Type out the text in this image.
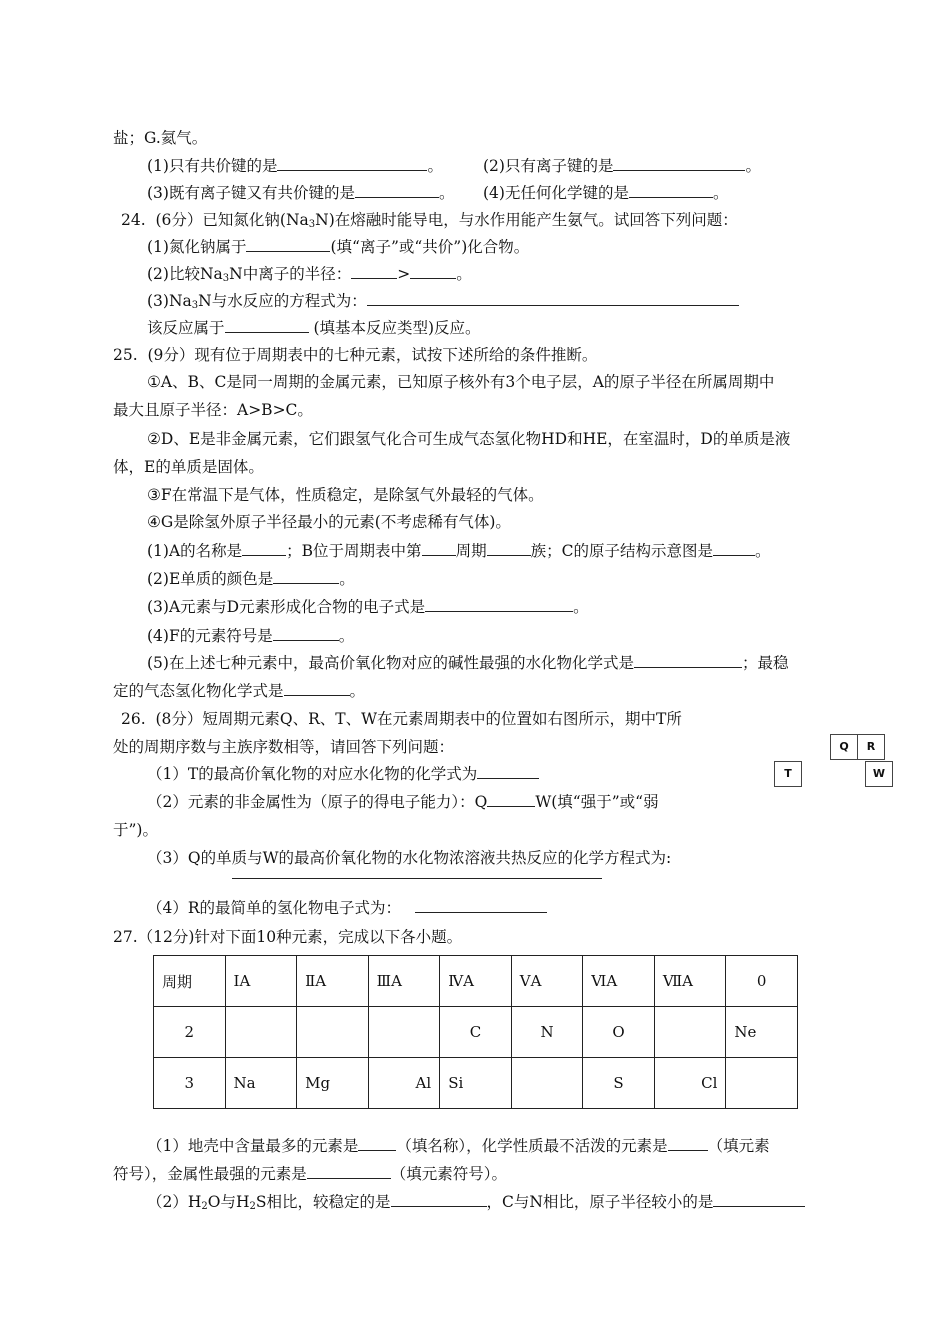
盐；G.氦气。
(1)只有共价键的是	。	(2)只有离子键的是	。
(3)既有离子键又有共价键的是	。 (4)无任何化学键的是	。
24.  (6分）已知氮化钠$(Na_3N)$在熔融时能导电，与水作用能产生氨气。试回答下列问题：
(1)氮化钠属于	(填“离子”或“共价”)化合物。
(2)比较$Na_3N$中离子的半径：	>	。
$(3)Na_3N$与水反应的方程式为：
该反应属于	(填基本反应类型)反应。
25.  (9分）现有位于周期表中的七种元素，试按下述所给的条件推断。
①A、B、C是同一周期的金属元素，已知原子核外有3个电子层，A的原子半径在所属周期中
最大且原子半径：A>B>C。
②D、E是非金属元素，它们跟氢气化合可生成气态氢化物HD和HE，在室温时，D的单质是液
体，E的单质是固体。
③F在常温下是气体，性质稳定，是除氢气外最轻的气体。
④G是除氢外原子半径最小的元素(不考虑稀有气体)。
(1)A的名称是	；B位于周期表中第 周期	族；C的原子结构示意图是	。
(2)E单质的颜色是	。
(3)A元素与D元素形成化合物的电子式是	。
(4)F的元素符号是	。
(5)在上述七种元素中，最高价氧化物对应的碱性最强的水化物化学式是	；最稳
定的气态氢化物化学式是	。
26.  (8分）短周期元素Q、R、T、W在元素周期表中的位置如右图所示，期中T所
处的周期序数与主族序数相等，请回答下列问题：
（1）T的最高价氧化物的对应水化物的化学式为
（2）元素的非金属性为（原子的得电子能力）：Q	W(填“强于”或“弱
于”)。
（3）Q的单质与W的最高价氧化物的水化物浓溶液共热反应的化学方程式为:
（4）R的最简单的氢化物电子式为：
Q	R
T	W
27.（12分)针对下面10种元素，完成以下各小题。
周期	ⅠA	ⅡA	ⅢA	ⅣA	ⅤA	ⅥA	ⅦA	0
2				C	N	O		Ne
3	Na	Mg	Al	Si		S	Cl	
（1）地壳中含量最多的元素是 （填名称），化学性质最不活泼的元素是	（填元素
符号），金属性最强的元素是	（填元素符号）。
$(2)H_2O$与$H_2S$相比，较稳定的是	，C与N相比，原子半径较小的是
